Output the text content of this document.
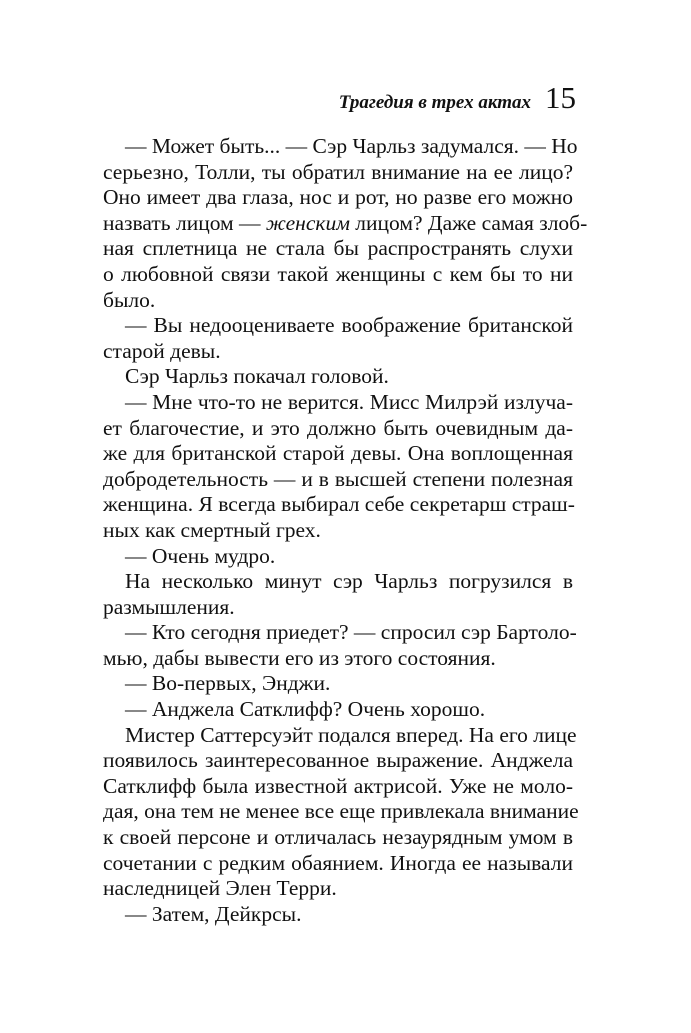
Трагедия в трех актах 15
— Может быть... — Сэр Чарльз задумался. — Но
серьезно, Толли, ты обратил внимание на ее лицо?
Оно имеет два глаза, нос и рот, но разве его можно
назвать лицом — женским лицом? Даже самая злоб-
ная сплетница не стала бы распространять слухи
о любовной связи такой женщины с кем бы то ни
было.
— Вы недооцениваете воображение британской
старой девы.
Сэр Чарльз покачал головой.
— Мне что-то не верится. Мисс Милрэй излуча-
ет благочестие, и это должно быть очевидным да-
же для британской старой девы. Она воплощенная
добродетельность — и в высшей степени полезная
женщина. Я всегда выбирал себе секретарш страш-
ных как смертный грех.
— Очень мудро.
На несколько минут сэр Чарльз погрузился в
размышления.
— Кто сегодня приедет? — спросил сэр Бартоло-
мью, дабы вывести его из этого состояния.
— Во-первых, Энджи.
— Анджела Сатклифф? Очень хорошо.
Мистер Саттерсуэйт подался вперед. На его лице
появилось заинтересованное выражение. Анджела
Сатклифф была известной актрисой. Уже не моло-
дая, она тем не менее все еще привлекала внимание
к своей персоне и отличалась незаурядным умом в
сочетании с редким обаянием. Иногда ее называли
наследницей Элен Терри.
— Затем, Дейкрсы.
